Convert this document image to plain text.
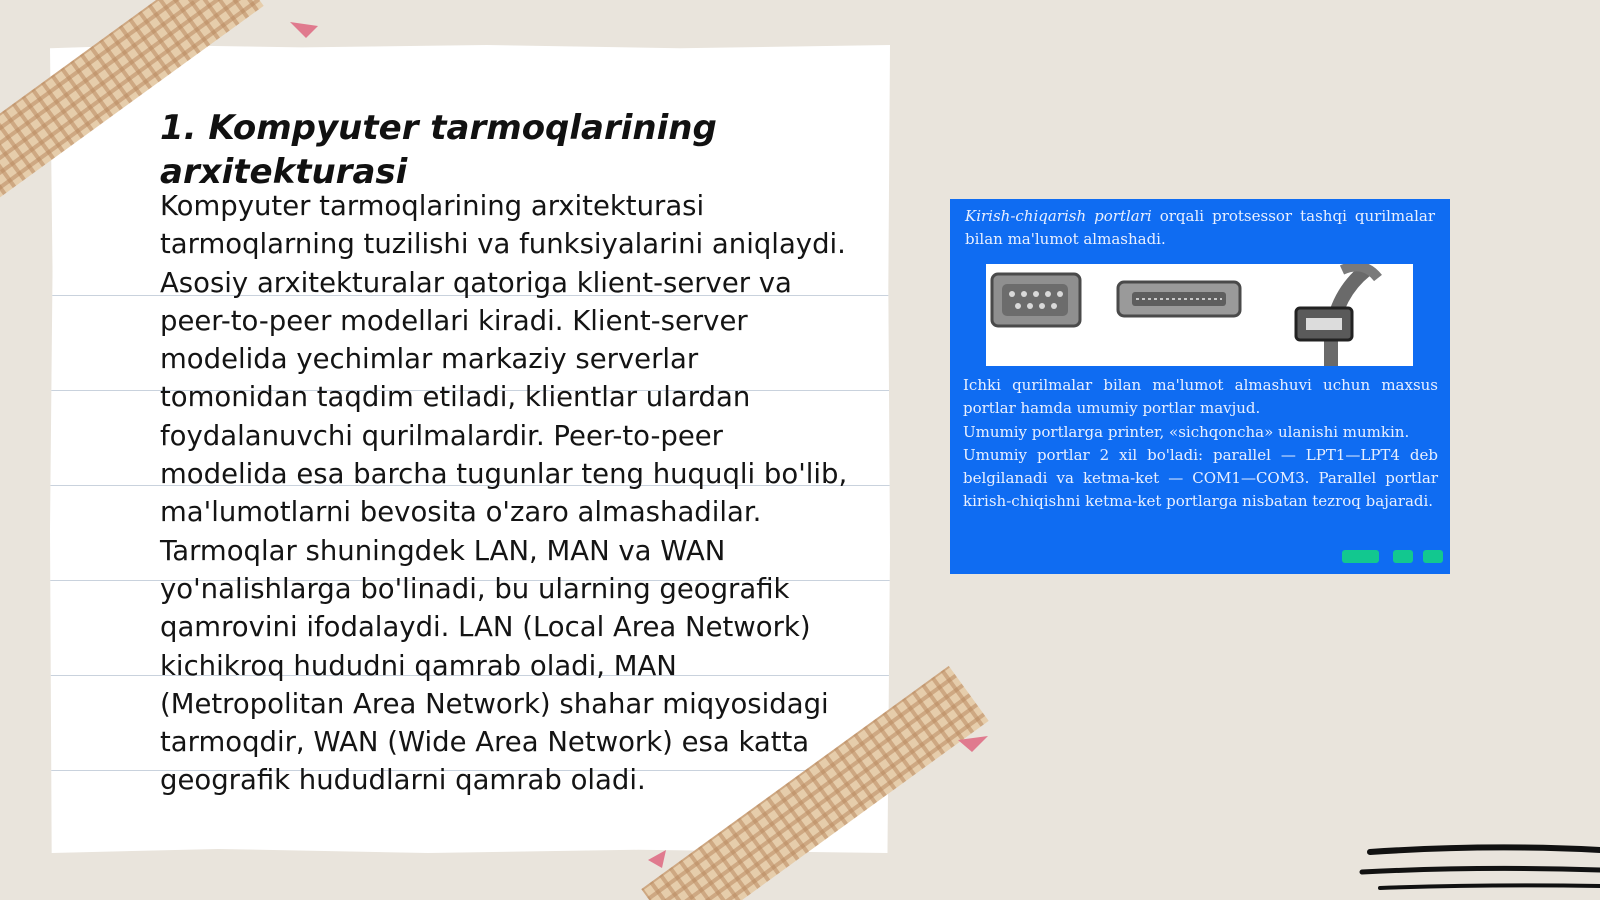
1. Kompyuter tarmoqlarining arxitekturasi

Kompyuter tarmoqlarining arxitekturasi tarmoqlarning tuzilishi va funksiyalarini aniqlaydi. Asosiy arxitekturalar qatoriga klient-server va peer-to-peer modellari kiradi. Klient-server modelida yechimlar markaziy serverlar tomonidan taqdim etiladi, klientlar ulardan foydalanuvchi qurilmalardir. Peer-to-peer modelida esa barcha tugunlar teng huquqli bo'lib, ma'lumotlarni bevosita o'zaro almashadilar. Tarmoqlar shuningdek LAN, MAN va WAN yo'nalishlarga bo'linadi, bu ularning geografik qamrovini ifodalaydi. LAN (Local Area Network) kichikroq hududni qamrab oladi, MAN (Metropolitan Area Network) shahar miqyosidagi tarmoqdir, WAN (Wide Area Network) esa katta geografik hududlarni qamrab oladi.

Kirish-chiqarish portlari orqali protsessor tashqi qurilmalar bilan ma'lumot almashadi.

Ichki qurilmalar bilan ma'lumot almashuvi uchun maxsus portlar hamda umumiy portlar mavjud.
Umumiy portlarga printer, «sichqoncha» ulanishi mumkin.
Umumiy portlar 2 xil bo'ladi: parallel — LPT1—LPT4 deb belgilanadi va ketma-ket — COM1—COM3. Parallel portlar kirish-chiqishni ketma-ket portlarga nisbatan tezroq bajaradi.
